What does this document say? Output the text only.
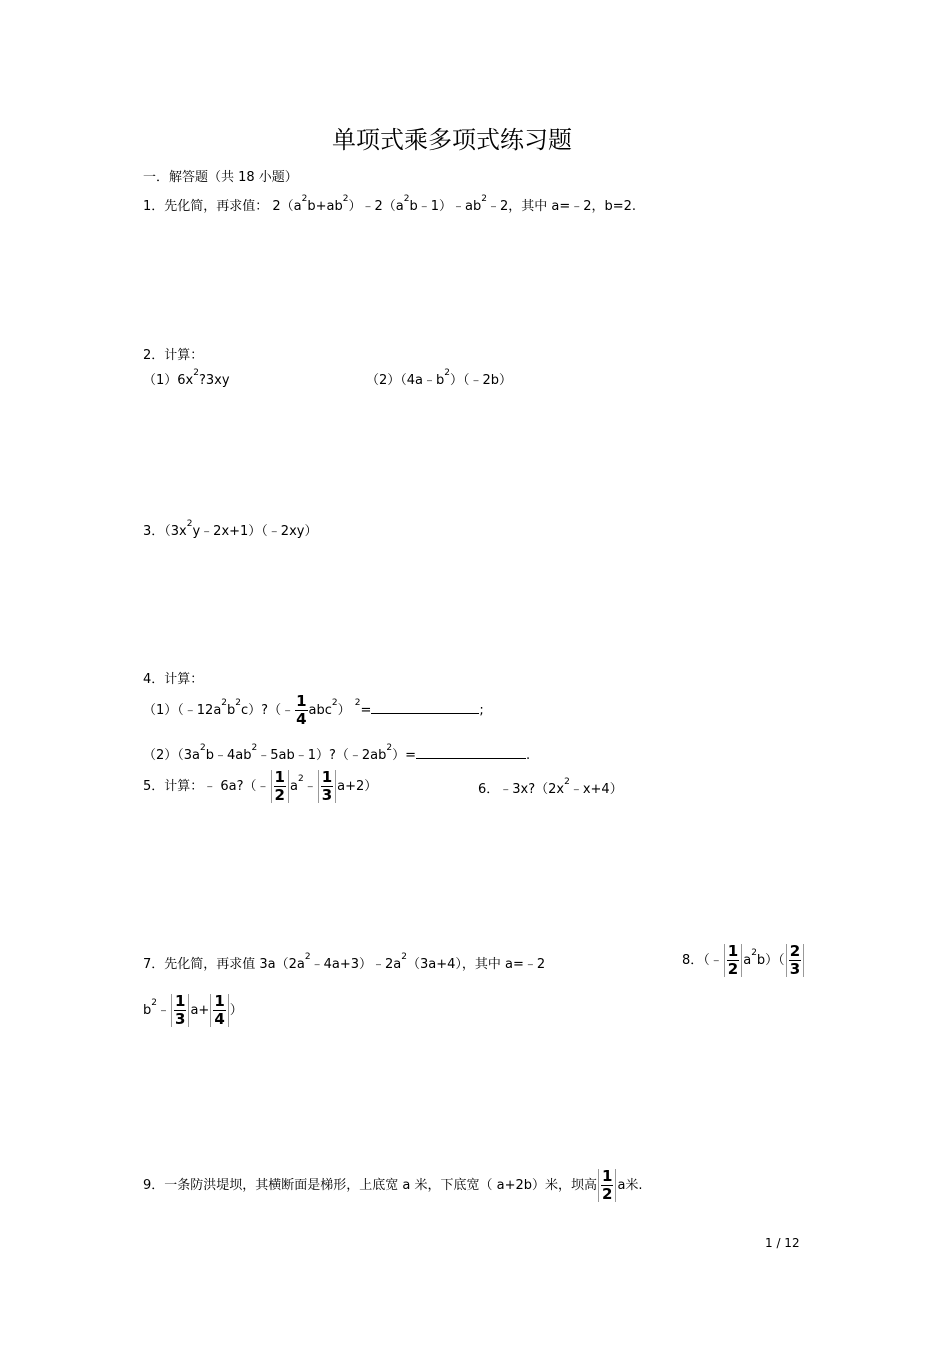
单项式乘多项式练习题
一．解答题（共 18 小题）
1．先化简，再求值： $2(a^2b+ab^2)﹣2(a^2b﹣1)﹣ab^2﹣2$，其中 a=﹣2，b=2.
2．计算：
$(1)6x^2?3xy$	$(2)(4a﹣b^2)(﹣2b)$
3．$(3x^2y﹣2x+1)(﹣2xy)$
4．计算：
$(1)(﹣12a^2b^2c)?(﹣ \frac{1}{4} abc^2)$ $^2$=	;
$(2)(3a^2b﹣4ab^2﹣5ab﹣1)?(﹣2ab^2)=$	.
5．计算：﹣ 6a?（﹣ $\frac{1}{2}$ $a^2﹣ \frac{1}{3} a+2$）	6．$﹣3x?(2x^2﹣x+4)$
7．先化简，再求值 $3a(2a^2﹣4a+3)﹣2a^2(3a+4)$，其中 a=﹣2	8．（﹣ $\frac{1}{2} a^2b)( \frac{2}{3}$
$b^2﹣ \frac{1}{3} a+ \frac{1}{4}$ ）
9．一条防洪堤坝，其横断面是梯形，上底宽 a 米，下底宽（ a+2b）米，坝高 $\frac{1}{2}$ a米.
1 / 12
